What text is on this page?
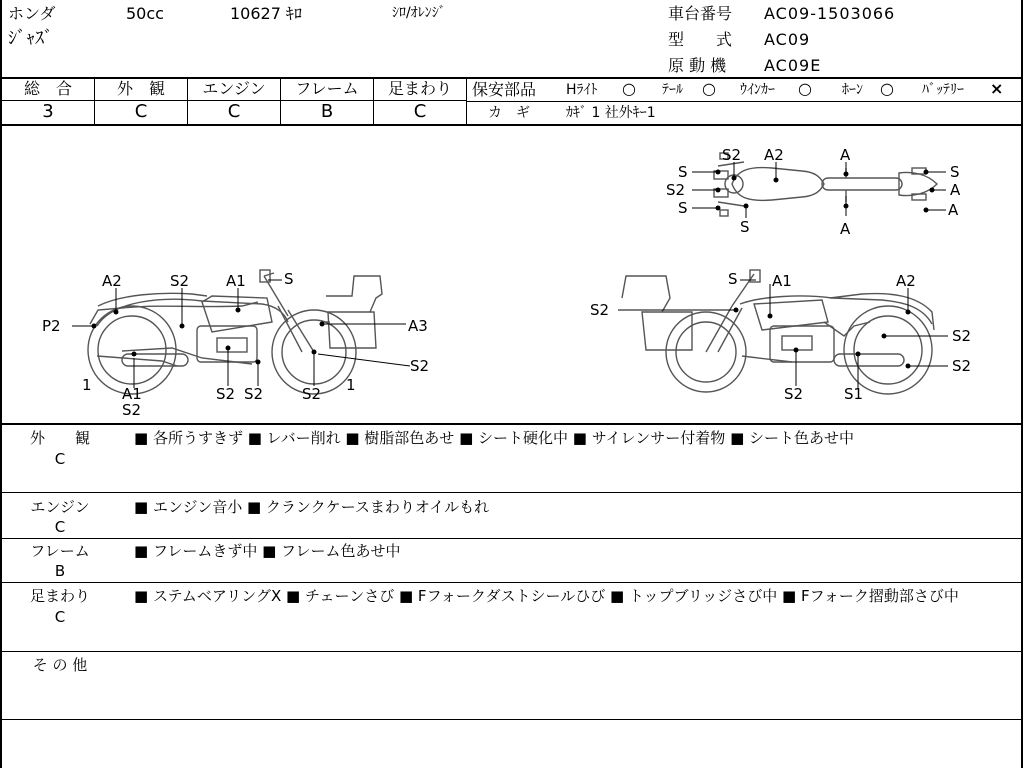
ホンダ	50cc	10627 ｷﾛ	ｼﾛ/ｵﾚﾝｼﾞ
ｼﾞｬｽﾞ
車台番号 AC09-1503066
型　　式 AC09
原 動 機 AC09E
総　合	外　観	エンジン	フレーム	足まわり
3	C	C	B	C
保安部品 Hﾗｲﾄ ○ ﾃｰﾙ ○ ｳｲﾝｶｰ ○ ﾎｰﾝ ○ ﾊﾞｯﾃﾘｰ ×
カ　ギ	ｶｷﾞ 1 社外ｷｰ1
S2 A2	A
S
S2
S
S	A
A
S
A
A2	S2 A1	S
P2	A3
1 A1
S2
S2 S2	S2 1
S2
S A1	A2
S2
S2
S2
S2	S1
外　　観
C
■ 各所うすきず ■ レバー削れ ■ 樹脂部色あせ ■ シート硬化中 ■ サイレンサー付着物 ■ シート色あせ中
エンジン
C
■ エンジン音小 ■ クランクケースまわりオイルもれ
フレーム
B
■ フレームきず中 ■ フレーム色あせ中
足まわり
C
■ ステムベアリングX ■ チェーンさび ■ Fフォークダストシールひび ■ トップブリッジさび中 ■ Fフォーク摺動部さび中
そ の 他
